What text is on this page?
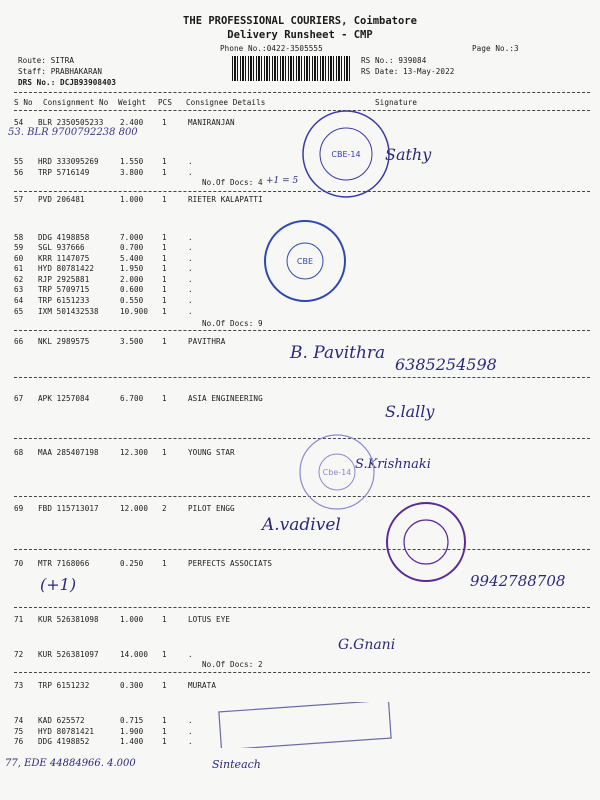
THE PROFESSIONAL COURIERS, Coimbatore
Delivery Runsheet - CMP
Phone No.:0422-3505555	Page No.:3
Route: SITRA
Staff: PRABHAKARAN
DRS No.: DCJB93908403
RS No.: 939084
RS Date: 13-May-2022
S No Consignment No Weight PCS Consignee Details	Signature
54 BLR 2350505233 2.400 1	MANIRANJAN
55 HRD 333095269	1.550 1	.
56 TRP 5716149	3.800 1	.
57 PVD 206481	1.000 1	RIETER KALAPATTI
58 DDG 4198858	7.000 1	.
59 SGL 937666	0.700 1	.
60 KRR 1147075	5.400 1	.
61 HYD 80781422	1.950 1	.
62 RJP 2925881	2.000 1	.
63 TRP 5709715	0.600 1	.
64 TRP 6151233	0.550 1	.
65 IXM 501432538	10.900 1	.
66 NKL 2989575	3.500 1	PAVITHRA
67 APK 1257084	6.700 1	ASIA ENGINEERING
68 MAA 285407198	12.300 1	YOUNG STAR
69 FBD 115713017	12.000 2	PILOT ENGG
70 MTR 7168066	0.250 1	PERFECTS ASSOCIATS
71 KUR 526381098	1.000 1	LOTUS EYE
72 KUR 526381097	14.000 1	.
73 TRP 6151232	0.300 1	MURATA
74 KAD 625572	0.715 1	.
75 HYD 80781421	1.900 1	.
76 DDG 4198852	1.400 1	.
No.Of Docs: 4
No.Of Docs: 9
No.Of Docs: 2
53. BLR 9700792238 800
+1 = 5
Sathy
B. Pavithra
6385254598
S.lally
S.Krishnaki
A.vadivel
(+1)	9942788708
G.Gnani
Sinteach
77, EDE 44884966. 4.000
CBE-14
CBE
Cbe-14
